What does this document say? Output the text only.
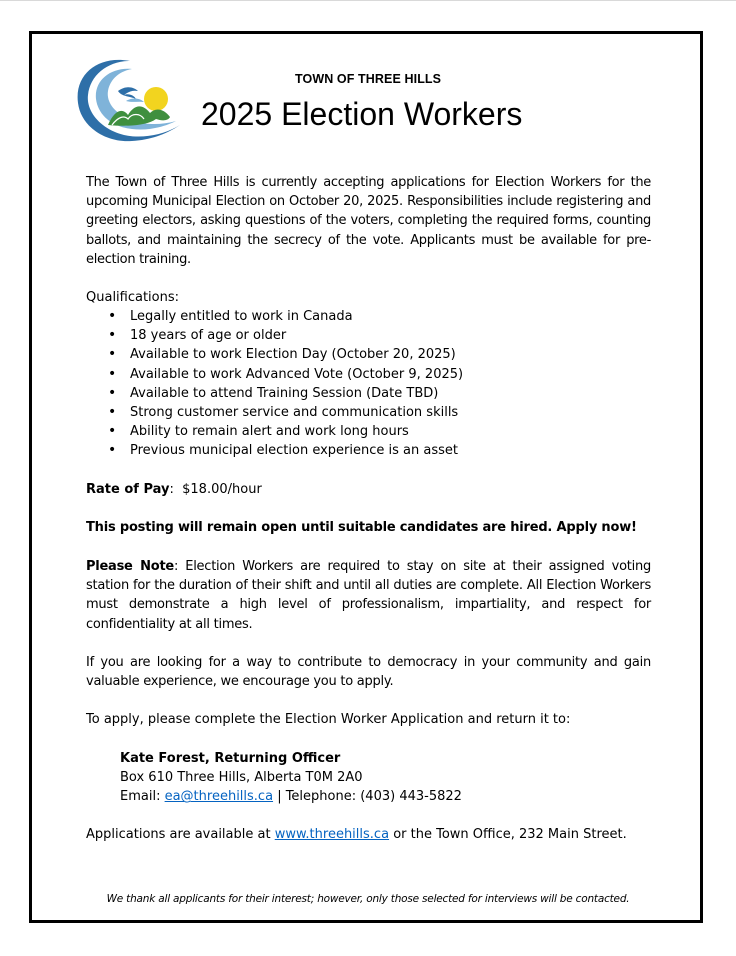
TOWN OF THREE HILLS
2025 Election Workers
The Town of Three Hills is currently accepting applications for Election Workers for the upcoming Municipal Election on October 20, 2025. Responsibilities include registering and greeting electors, asking questions of the voters, completing the required forms, counting ballots, and maintaining the secrecy of the vote. Applicants must be available for pre-election training.
Qualifications:
• Legally entitled to work in Canada
• 18 years of age or older
• Available to work Election Day (October 20, 2025)
• Available to work Advanced Vote (October 9, 2025)
• Available to attend Training Session (Date TBD)
• Strong customer service and communication skills
• Ability to remain alert and work long hours
• Previous municipal election experience is an asset
Rate of Pay:  $18.00/hour
This posting will remain open until suitable candidates are hired. Apply now!
Please Note: Election Workers are required to stay on site at their assigned voting station for the duration of their shift and until all duties are complete. All Election Workers must demonstrate a high level of professionalism, impartiality, and respect for confidentiality at all times.
If you are looking for a way to contribute to democracy in your community and gain valuable experience, we encourage you to apply.
To apply, please complete the Election Worker Application and return it to:
Kate Forest, Returning Officer
Box 610 Three Hills, Alberta T0M 2A0
Email: ea@threehills.ca | Telephone: (403) 443-5822
Applications are available at www.threehills.ca or the Town Office, 232 Main Street.
We thank all applicants for their interest; however, only those selected for interviews will be contacted.
